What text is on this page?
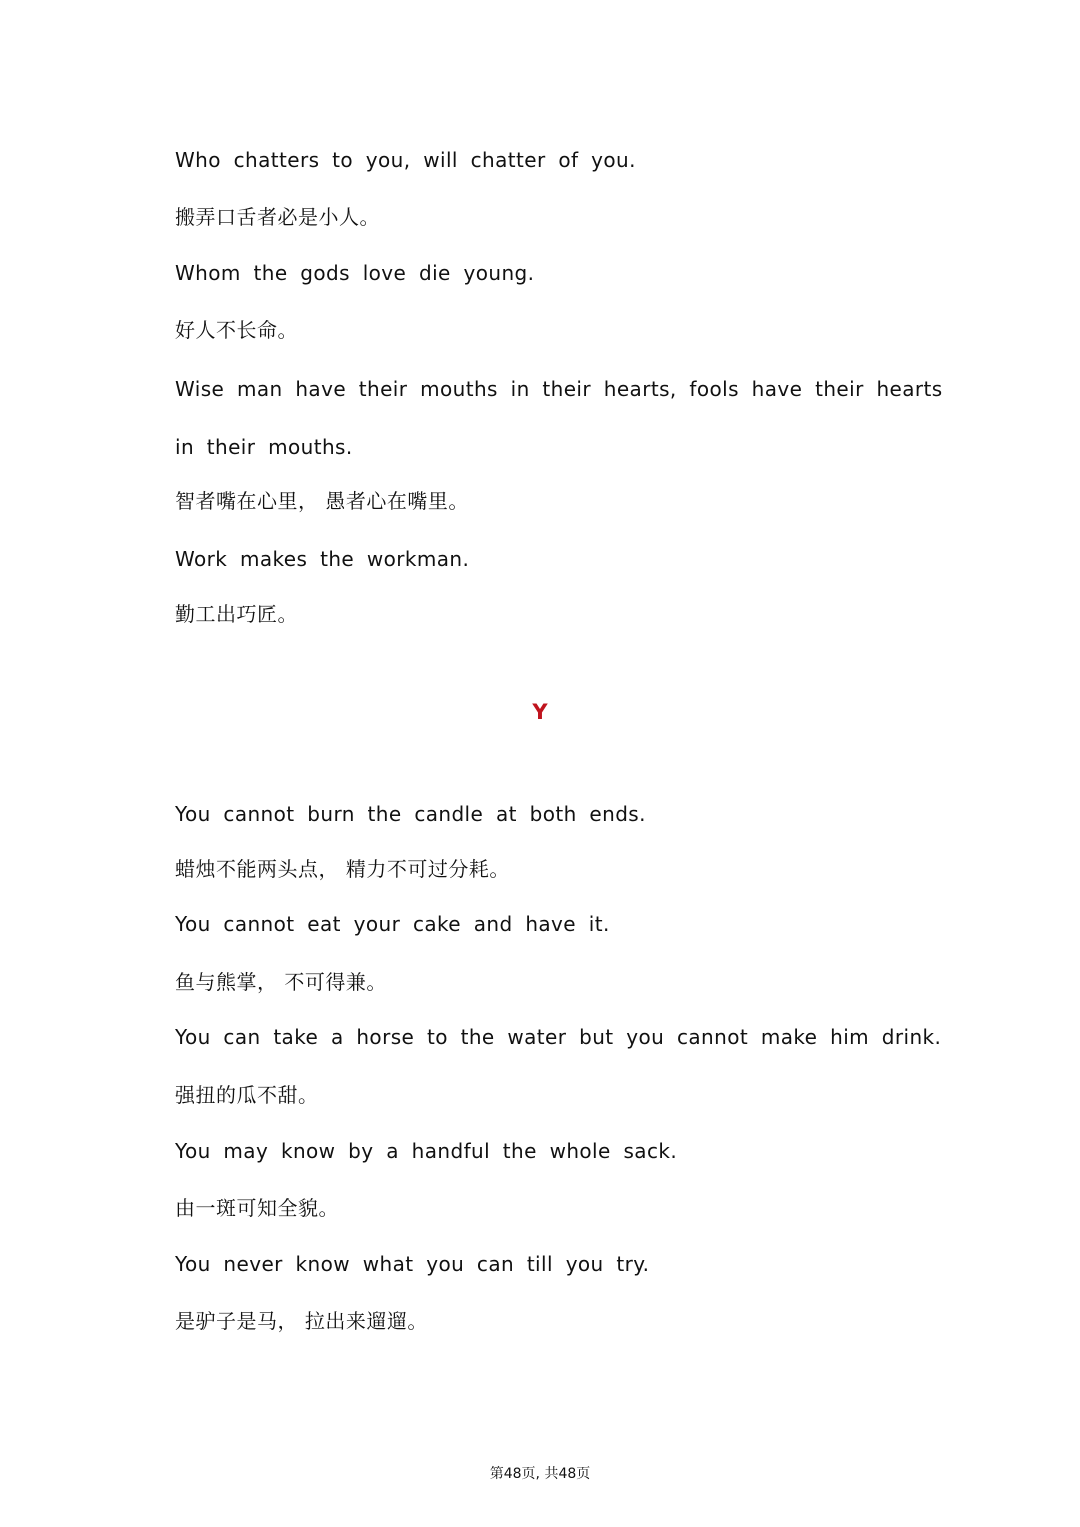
Who chatters to you, will chatter of you.
搬弄口舌者必是小人。
Whom the gods love die young.
好人不长命。
Wise man have their mouths in their hearts, fools have their hearts
in their mouths.
智者嘴在心里， 愚者心在嘴里。
Work makes the workman.
勤工出巧匠。
Y
You cannot burn the candle at both ends.
蜡烛不能两头点， 精力不可过分耗。
You cannot eat your cake and have it.
鱼与熊掌， 不可得兼。
You can take a horse to the water but you cannot make him drink.
强扭的瓜不甜。
You may know by a handful the whole sack.
由一斑可知全貌。
You never know what you can till you try.
是驴子是马， 拉出来遛遛。
第48页, 共48页
